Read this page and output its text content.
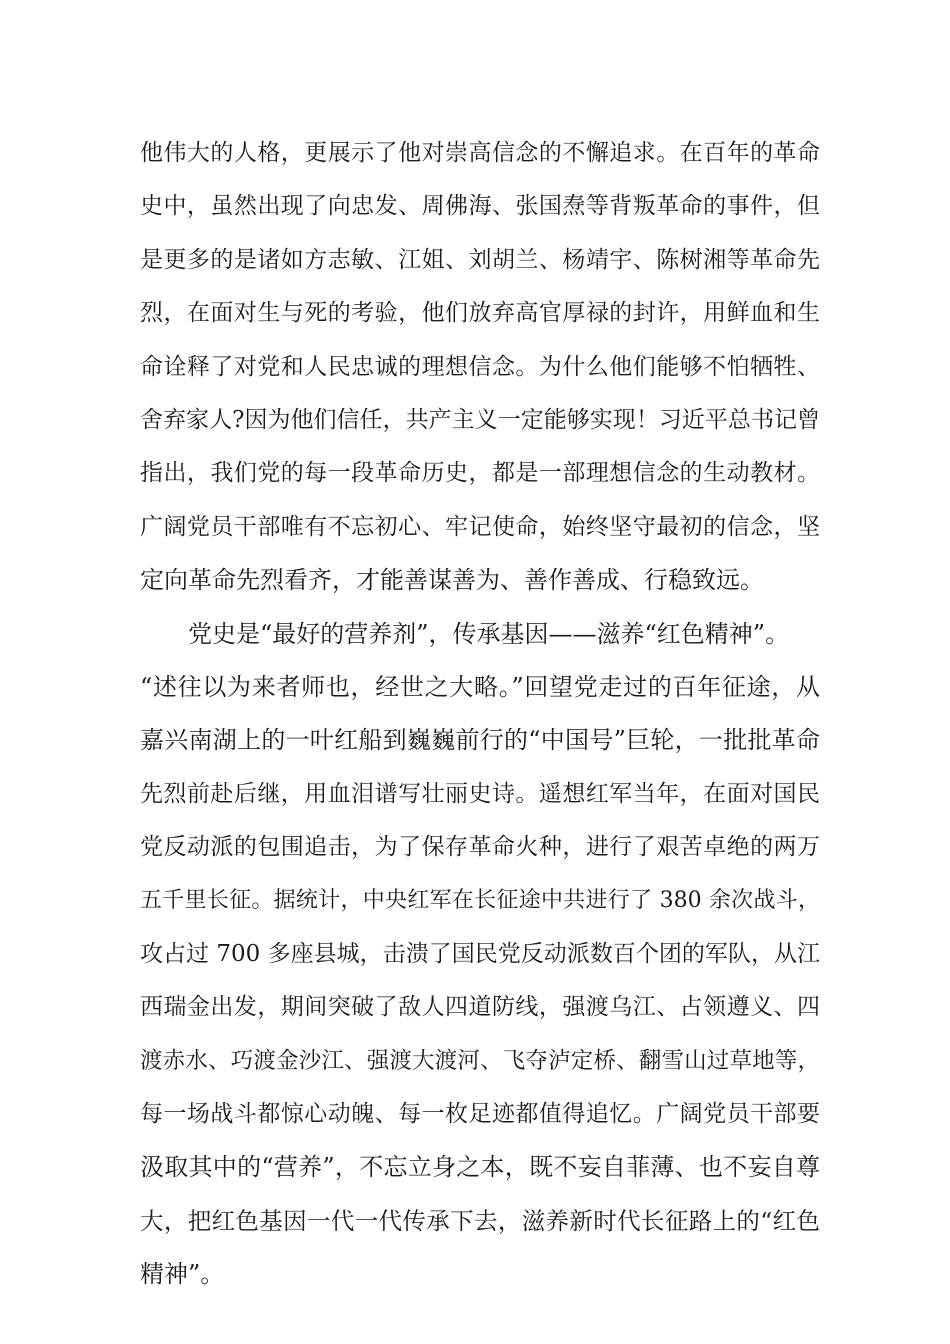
他伟大的人格，更展示了他对崇高信念的不懈追求。在百年的革命
史中，虽然出现了向忠发、周佛海、张国焘等背叛革命的事件，但
是更多的是诸如方志敏、江姐、刘胡兰、杨靖宇、陈树湘等革命先
烈，在面对生与死的考验，他们放弃高官厚禄的封许，用鲜血和生
命诠释了对党和人民忠诚的理想信念。为什么他们能够不怕牺牲、
舍弃家人?因为他们信任，共产主义一定能够实现！习近平总书记曾
指出，我们党的每一段革命历史，都是一部理想信念的生动教材。
广阔党员干部唯有不忘初心、牢记使命，始终坚守最初的信念，坚
定向革命先烈看齐，才能善谋善为、善作善成、行稳致远。
党史是“最好的营养剂”，传承基因——滋养“红色精神”。
“述往以为来者师也，经世之大略。”回望党走过的百年征途，从
嘉兴南湖上的一叶红船到巍巍前行的“中国号”巨轮，一批批革命
先烈前赴后继，用血泪谱写壮丽史诗。遥想红军当年，在面对国民
党反动派的包围追击，为了保存革命火种，进行了艰苦卓绝的两万
五千里长征。据统计，中央红军在长征途中共进行了 380 余次战斗，
攻占过 700 多座县城，击溃了国民党反动派数百个团的军队，从江
西瑞金出发，期间突破了敌人四道防线，强渡乌江、占领遵义、四
渡赤水、巧渡金沙江、强渡大渡河、飞夺泸定桥、翻雪山过草地等，
每一场战斗都惊心动魄、每一枚足迹都值得追忆。广阔党员干部要
汲取其中的“营养”，不忘立身之本，既不妄自菲薄、也不妄自尊
大，把红色基因一代一代传承下去，滋养新时代长征路上的“红色
精神”。
